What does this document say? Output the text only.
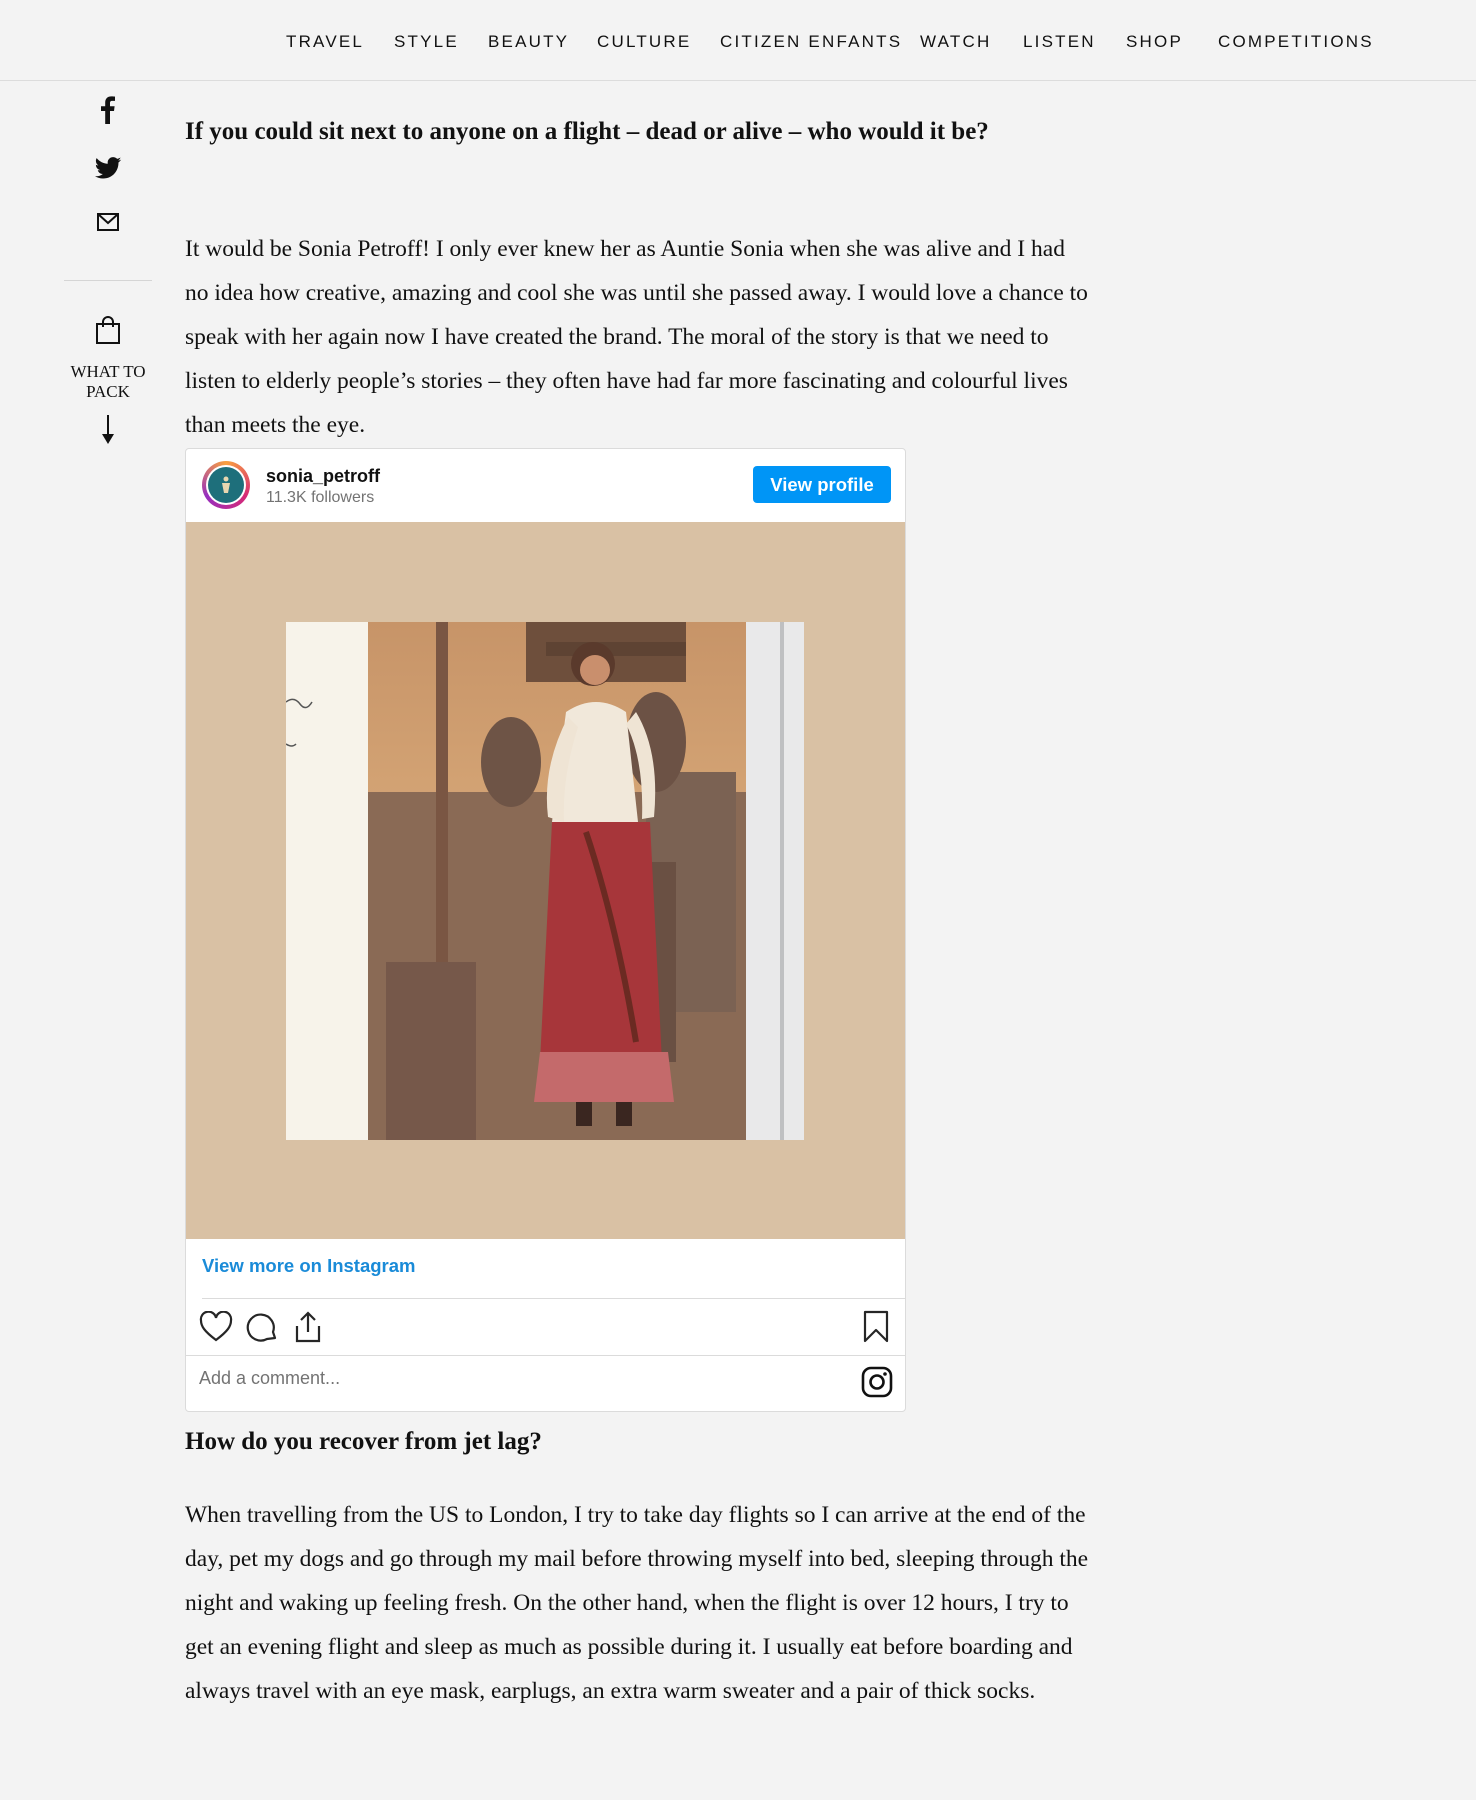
TRAVEL STYLE BEAUTY CULTURE CITIZEN ENFANTS WATCH LISTEN SHOP COMPETITIONS
WHAT TO PACK
If you could sit next to anyone on a flight – dead or alive – who would it be?

It would be Sonia Petroff! I only ever knew her as Auntie Sonia when she was alive and I had no idea how creative, amazing and cool she was until she passed away. I would love a chance to speak with her again now I have created the brand. The moral of the story is that we need to listen to elderly people’s stories – they often have had far more fascinating and colourful lives than meets the eye.

How do you recover from jet lag?

When travelling from the US to London, I try to take day flights so I can arrive at the end of the day, pet my dogs and go through my mail before throwing myself into bed, sleeping through the night and waking up feeling fresh. On the other hand, when the flight is over 12 hours, I try to get an evening flight and sleep as much as possible during it. I usually eat before boarding and always travel with an eye mask, earplugs, an extra warm sweater and a pair of thick socks.

sonia_petroff
11.3K followers
View profile
View more on Instagram
Add a comment...
